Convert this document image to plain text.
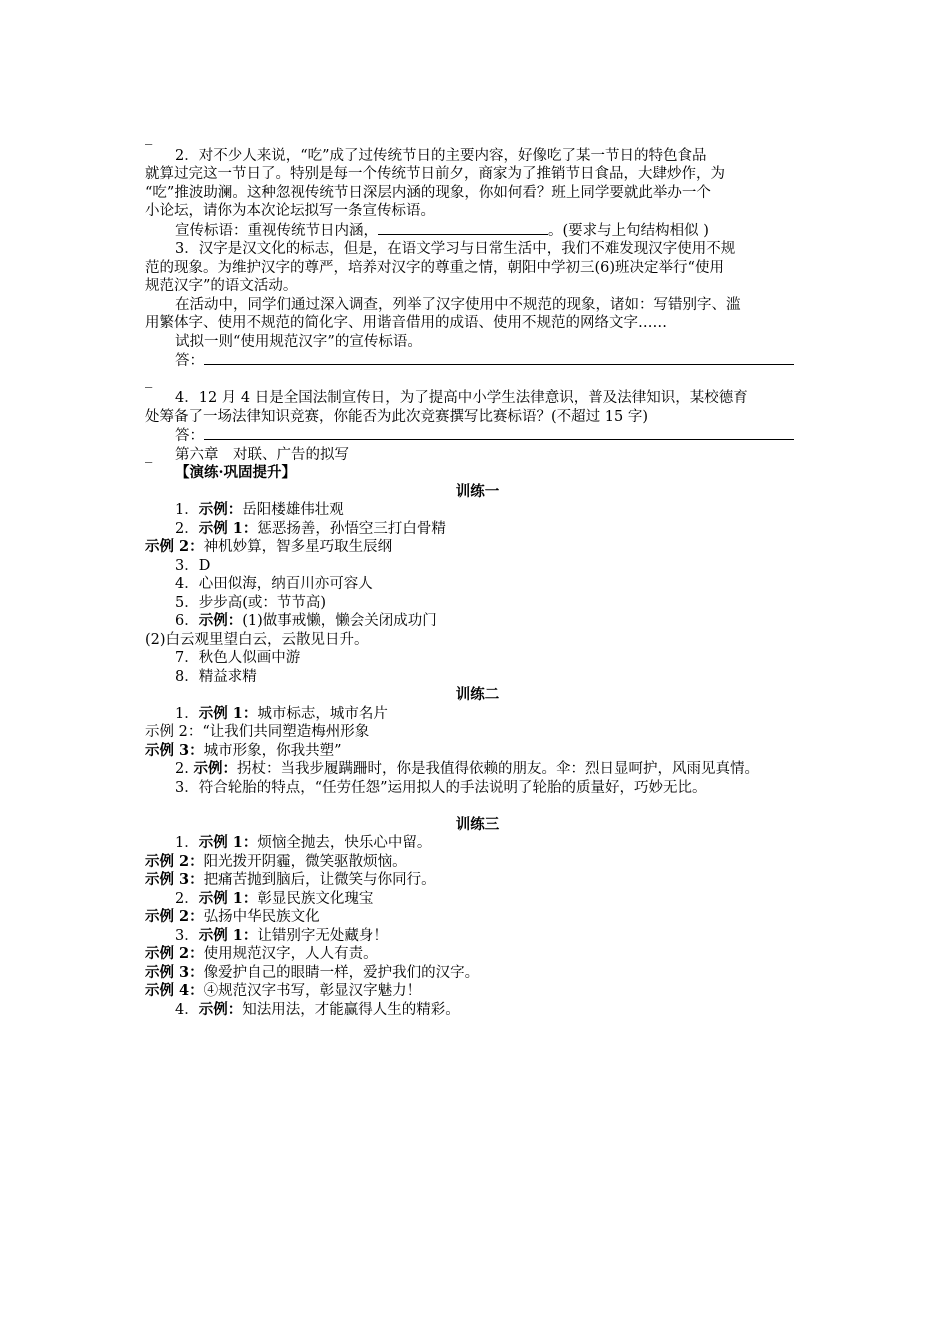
_

2．对不少人来说，“吃”成了过传统节日的主要内容，好像吃了某一节日的特色食品

就算过完这一节日了。特别是每一个传统节日前夕，商家为了推销节日食品，大肆炒作，为

“吃”推波助澜。这种忽视传统节日深层内涵的现象，你如何看？班上同学要就此举办一个

小论坛，请你为本次论坛拟写一条宣传标语。

宣传标语：重视传统节日内涵，	。(要求与上句结构相似 )

3．汉字是汉文化的标志，但是，在语文学习与日常生活中，我们不难发现汉字使用不规

范的现象。为维护汉字的尊严，培养对汉字的尊重之情，朝阳中学初三(6)班决定举行“使用

规范汉字”的语文活动。

在活动中，同学们通过深入调查，列举了汉字使用中不规范的现象，诸如：写错别字、滥

用繁体字、使用不规范的简化字、用谐音借用的成语、使用不规范的网络文字……

试拟一则“使用规范汉字”的宣传标语。

答：

_

4．12 月 4 日是全国法制宣传日，为了提高中小学生法律意识，普及法律知识，某校德育

处筹备了一场法律知识竞赛，你能否为此次竞赛撰写比赛标语？(不超过 15 字)

答：

_	第六章　对联、广告的拟写

【演练·巩固提升】

训练一

1．示例：岳阳楼雄伟壮观

2．示例 1：惩恶扬善，孙悟空三打白骨精

示例 2：神机妙算，智多星巧取生辰纲

3．D

4．心田似海，纳百川亦可容人

5．步步高(或：节节高)

6．示例：(1)做事戒懒，懒会关闭成功门

(2)白云观里望白云，云散见日升。

7．秋色人似画中游

8．精益求精

训练二

1．示例 1：城市标志，城市名片

示例 2：“让我们共同塑造梅州形象

示例 3：城市形象，你我共塑”

2. 示例：拐杖：当我步履蹒跚时，你是我值得依赖的朋友。伞：烈日显呵护，风雨见真情。

3．符合轮胎的特点，“任劳任怨”运用拟人的手法说明了轮胎的质量好，巧妙无比。

训练三

1．示例 1：烦恼全抛去，快乐心中留。

示例 2：阳光拨开阴霾，微笑驱散烦恼。

示例 3：把痛苦抛到脑后，让微笑与你同行。

2．示例 1：彰显民族文化瑰宝

示例 2：弘扬中华民族文化

3．示例 1：让错别字无处藏身！

示例 2：使用规范汉字，人人有责。

示例 3：像爱护自己的眼睛一样，爱护我们的汉字。

示例 4：④规范汉字书写，彰显汉字魅力！

4．示例：知法用法，才能赢得人生的精彩。
